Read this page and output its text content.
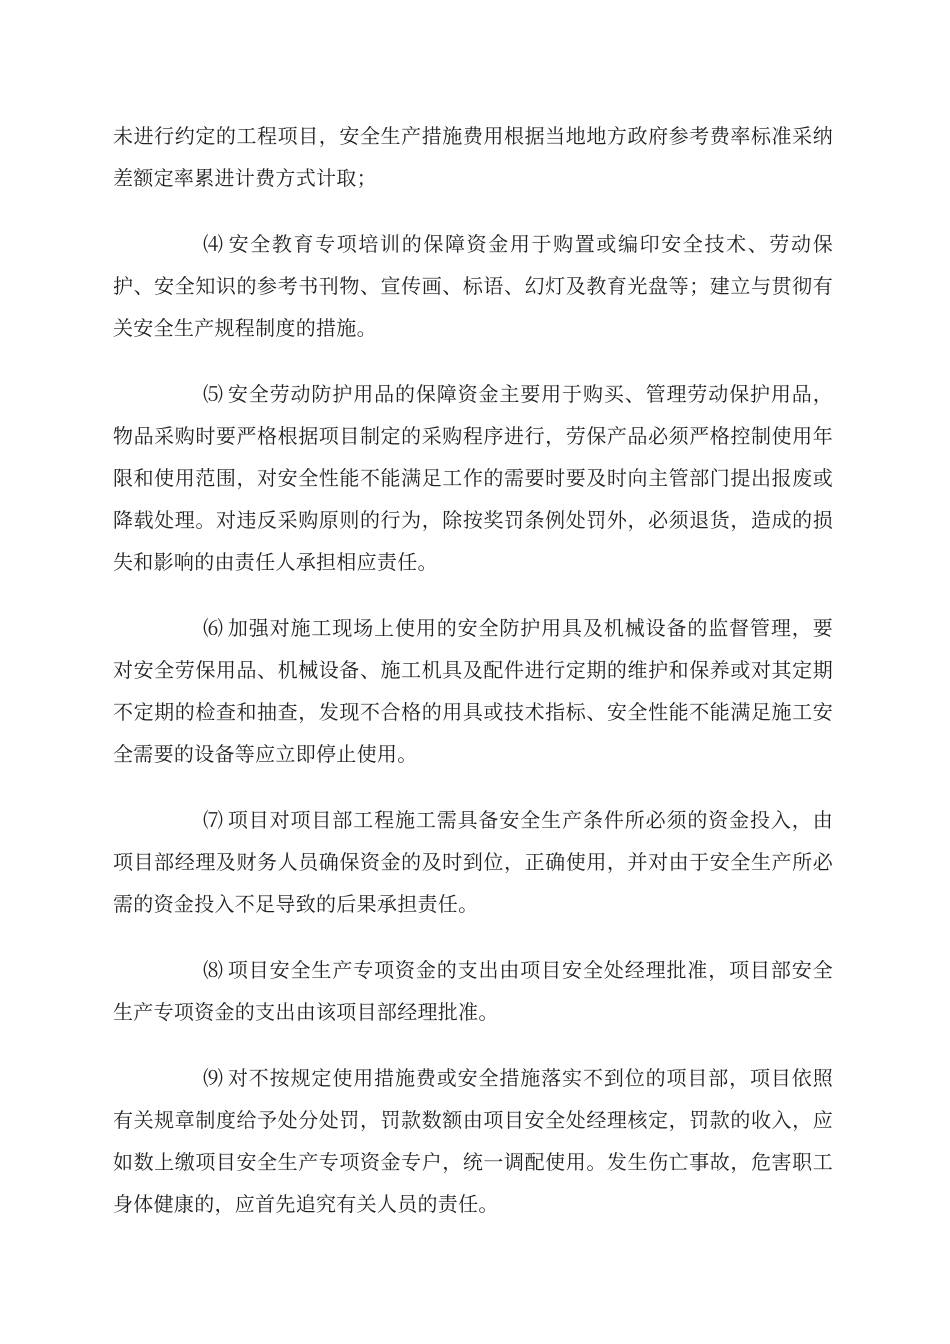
未进行约定的工程项目，安全生产措施费用根据当地地方政府参考费率标准采纳差额定率累进计费方式计取；

⑷ 安全教育专项培训的保障资金用于购置或编印安全技术、劳动保护、安全知识的参考书刊物、宣传画、标语、幻灯及教育光盘等；建立与贯彻有关安全生产规程制度的措施。

⑸ 安全劳动防护用品的保障资金主要用于购买、管理劳动保护用品，物品采购时要严格根据项目制定的采购程序进行，劳保产品必须严格控制使用年限和使用范围，对安全性能不能满足工作的需要时要及时向主管部门提出报废或降载处理。对违反采购原则的行为，除按奖罚条例处罚外，必须退货，造成的损失和影响的由责任人承担相应责任。

⑹ 加强对施工现场上使用的安全防护用具及机械设备的监督管理，要对安全劳保用品、机械设备、施工机具及配件进行定期的维护和保养或对其定期不定期的检查和抽查，发现不合格的用具或技术指标、安全性能不能满足施工安全需要的设备等应立即停止使用。

⑺ 项目对项目部工程施工需具备安全生产条件所必须的资金投入，由项目部经理及财务人员确保资金的及时到位，正确使用，并对由于安全生产所必需的资金投入不足导致的后果承担责任。

⑻ 项目安全生产专项资金的支出由项目安全处经理批准，项目部安全生产专项资金的支出由该项目部经理批准。

⑼ 对不按规定使用措施费或安全措施落实不到位的项目部，项目依照有关规章制度给予处分处罚，罚款数额由项目安全处经理核定，罚款的收入，应如数上缴项目安全生产专项资金专户，统一调配使用。发生伤亡事故，危害职工身体健康的，应首先追究有关人员的责任。
